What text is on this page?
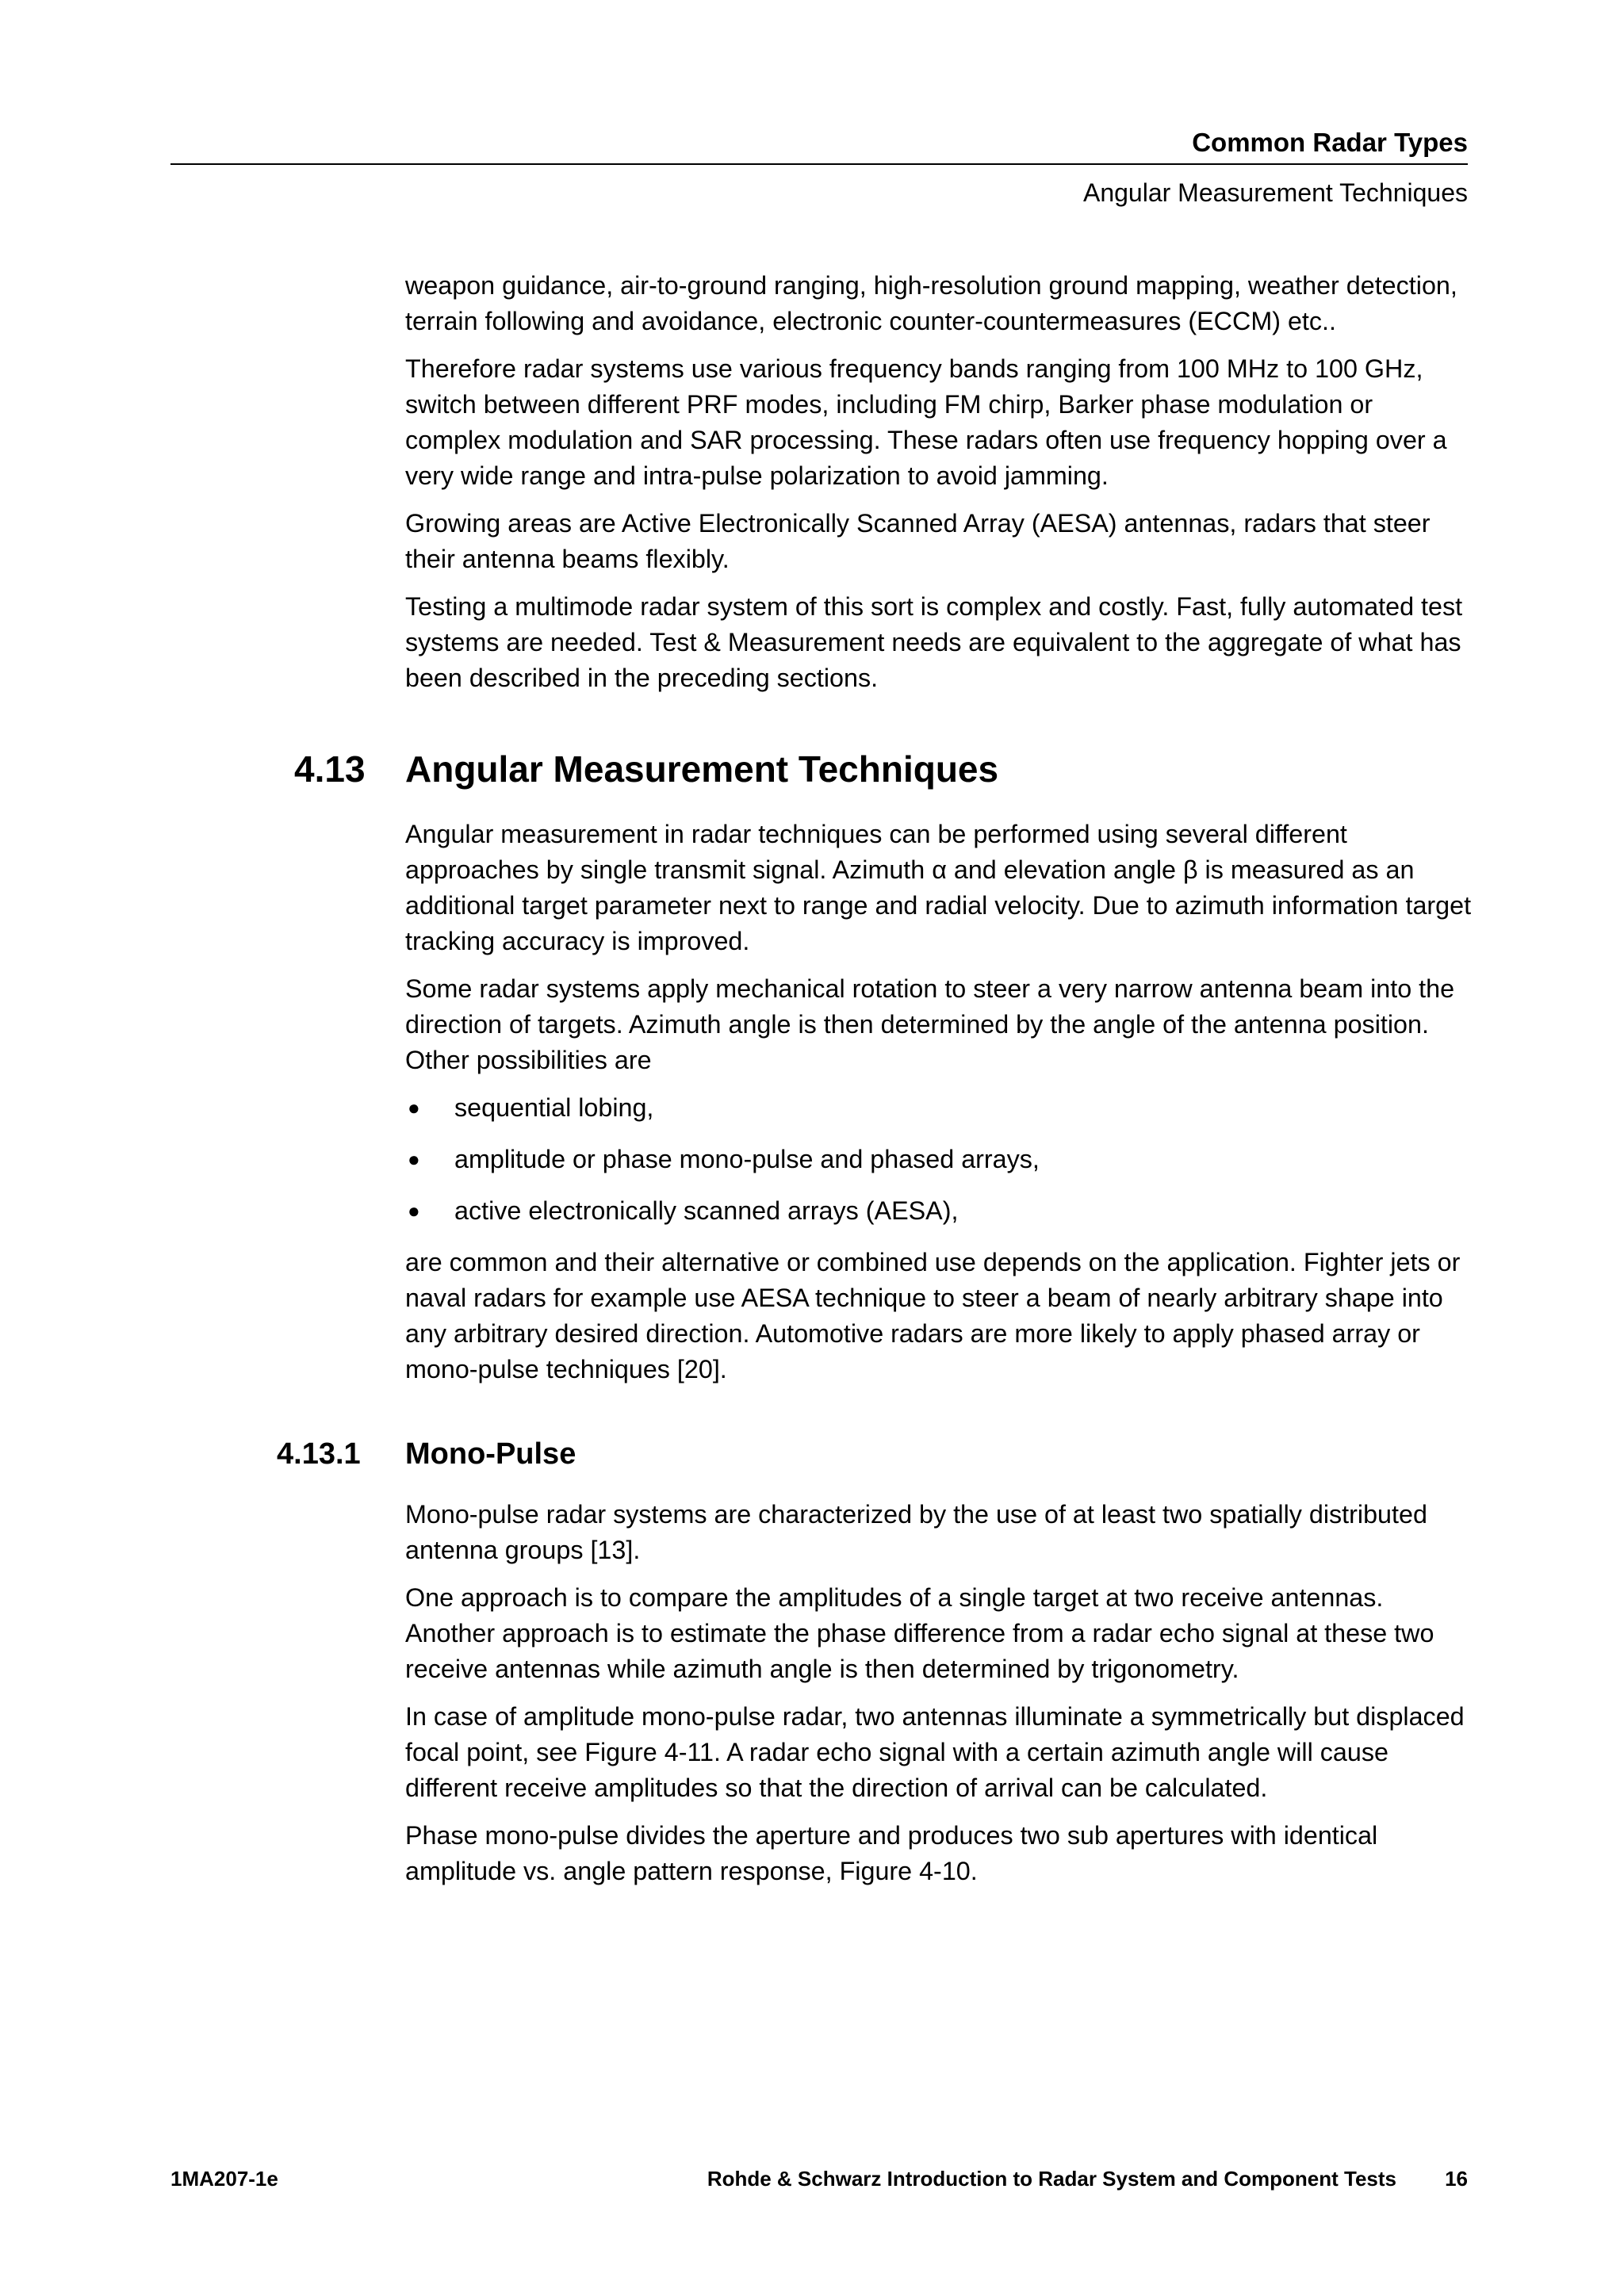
Common Radar Types
Angular Measurement Techniques

weapon guidance, air-to-ground ranging, high-resolution ground mapping, weather detection, terrain following and avoidance, electronic counter-countermeasures (ECCM) etc..

Therefore radar systems use various frequency bands ranging from 100 MHz to 100 GHz, switch between different PRF modes, including FM chirp, Barker phase modulation or complex modulation and SAR processing. These radars often use frequency hopping over a very wide range and intra-pulse polarization to avoid jamming.

Growing areas are Active Electronically Scanned Array (AESA) antennas, radars that steer their antenna beams flexibly.

Testing a multimode radar system of this sort is complex and costly. Fast, fully automated test systems are needed. Test & Measurement needs are equivalent to the aggregate of what has been described in the preceding sections.

4.13 Angular Measurement Techniques

Angular measurement in radar techniques can be performed using several different approaches by single transmit signal. Azimuth α and elevation angle β is measured as an additional target parameter next to range and radial velocity. Due to azimuth information target tracking accuracy is improved.

Some radar systems apply mechanical rotation to steer a very narrow antenna beam into the direction of targets. Azimuth angle is then determined by the angle of the antenna position. Other possibilities are

● sequential lobing,
● amplitude or phase mono-pulse and phased arrays,
● active electronically scanned arrays (AESA),

are common and their alternative or combined use depends on the application. Fighter jets or naval radars for example use AESA technique to steer a beam of nearly arbitrary shape into any arbitrary desired direction. Automotive radars are more likely to apply phased array or mono-pulse techniques [20].

4.13.1 Mono-Pulse

Mono-pulse radar systems are characterized by the use of at least two spatially distributed antenna groups [13].

One approach is to compare the amplitudes of a single target at two receive antennas. Another approach is to estimate the phase difference from a radar echo signal at these two receive antennas while azimuth angle is then determined by trigonometry.

In case of amplitude mono-pulse radar, two antennas illuminate a symmetrically but displaced focal point, see Figure 4-11. A radar echo signal with a certain azimuth angle will cause different receive amplitudes so that the direction of arrival can be calculated.

Phase mono-pulse divides the aperture and produces two sub apertures with identical amplitude vs. angle pattern response, Figure 4-10.

1MA207-1e	Rohde & Schwarz Introduction to Radar System and Component Tests 16
